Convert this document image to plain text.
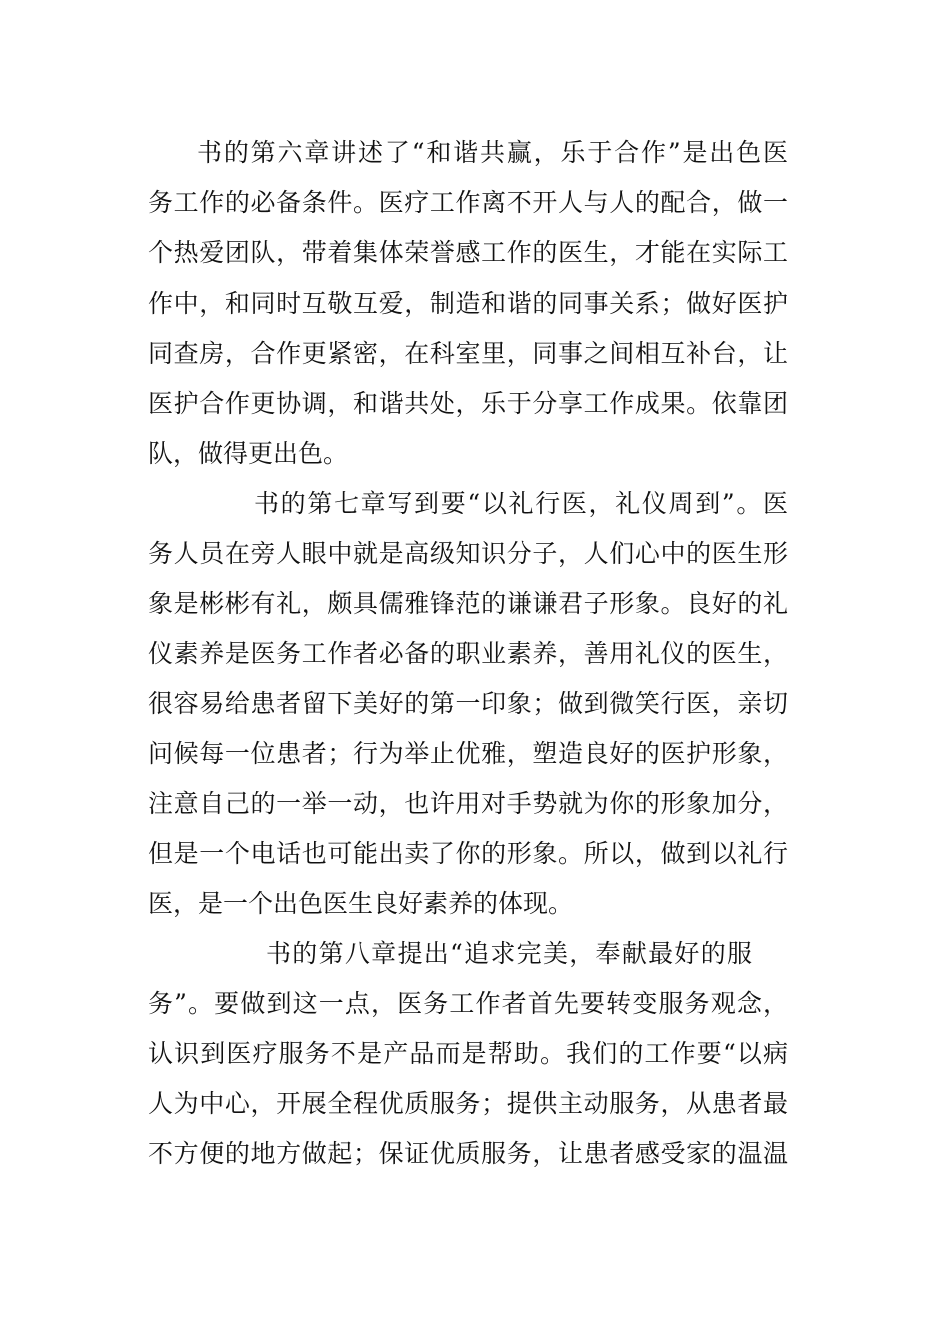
书的第六章讲述了“和谐共赢，乐于合作”是出色医
务工作的必备条件。医疗工作离不开人与人的配合，做一
个热爱团队，带着集体荣誉感工作的医生，才能在实际工
作中，和同时互敬互爱，制造和谐的同事关系；做好医护
同查房，合作更紧密，在科室里，同事之间相互补台，让
医护合作更协调，和谐共处，乐于分享工作成果。依靠团
队，做得更出色。
书的第七章写到要“以礼行医，礼仪周到”。医
务人员在旁人眼中就是高级知识分子，人们心中的医生形
象是彬彬有礼，颇具儒雅锋范的谦谦君子形象。良好的礼
仪素养是医务工作者必备的职业素养，善用礼仪的医生，
很容易给患者留下美好的第一印象；做到微笑行医，亲切
问候每一位患者；行为举止优雅，塑造良好的医护形象，
注意自己的一举一动，也许用对手势就为你的形象加分，
但是一个电话也可能出卖了你的形象。所以，做到以礼行
医，是一个出色医生良好素养的体现。
书的第八章提出“追求完美，奉献最好的服
务”。要做到这一点，医务工作者首先要转变服务观念，
认识到医疗服务不是产品而是帮助。我们的工作要“以病
人为中心，开展全程优质服务；提供主动服务，从患者最
不方便的地方做起；保证优质服务，让患者感受家的温温
